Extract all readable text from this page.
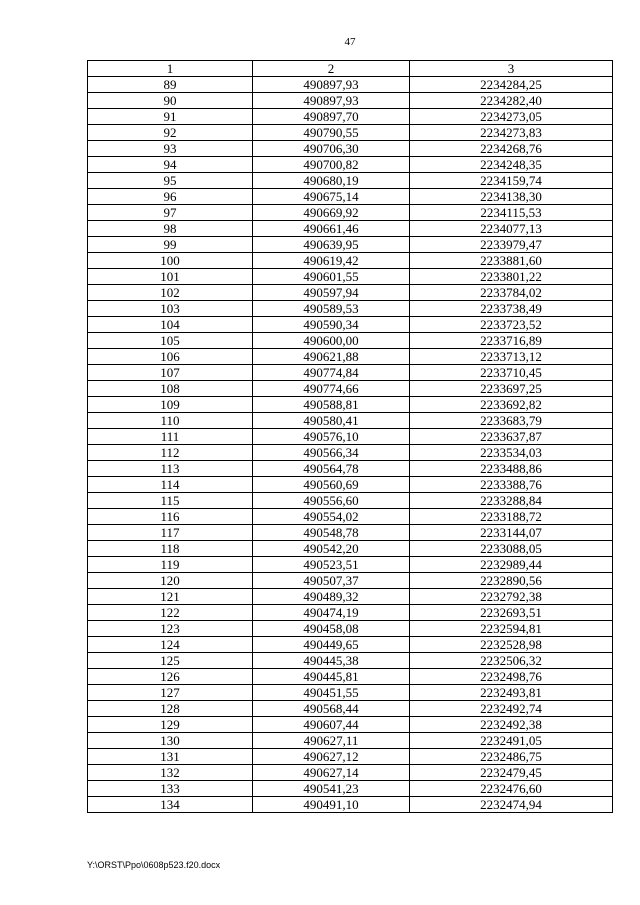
47
1	2	3
89	490897,93	2234284,25
90	490897,93	2234282,40
91	490897,70	2234273,05
92	490790,55	2234273,83
93	490706,30	2234268,76
94	490700,82	2234248,35
95	490680,19	2234159,74
96	490675,14	2234138,30
97	490669,92	2234115,53
98	490661,46	2234077,13
99	490639,95	2233979,47
100	490619,42	2233881,60
101	490601,55	2233801,22
102	490597,94	2233784,02
103	490589,53	2233738,49
104	490590,34	2233723,52
105	490600,00	2233716,89
106	490621,88	2233713,12
107	490774,84	2233710,45
108	490774,66	2233697,25
109	490588,81	2233692,82
110	490580,41	2233683,79
111	490576,10	2233637,87
112	490566,34	2233534,03
113	490564,78	2233488,86
114	490560,69	2233388,76
115	490556,60	2233288,84
116	490554,02	2233188,72
117	490548,78	2233144,07
118	490542,20	2233088,05
119	490523,51	2232989,44
120	490507,37	2232890,56
121	490489,32	2232792,38
122	490474,19	2232693,51
123	490458,08	2232594,81
124	490449,65	2232528,98
125	490445,38	2232506,32
126	490445,81	2232498,76
127	490451,55	2232493,81
128	490568,44	2232492,74
129	490607,44	2232492,38
130	490627,11	2232491,05
131	490627,12	2232486,75
132	490627,14	2232479,45
133	490541,23	2232476,60
134	490491,10	2232474,94
Y:\ORST\Ppo\0608p523.f20.docx
